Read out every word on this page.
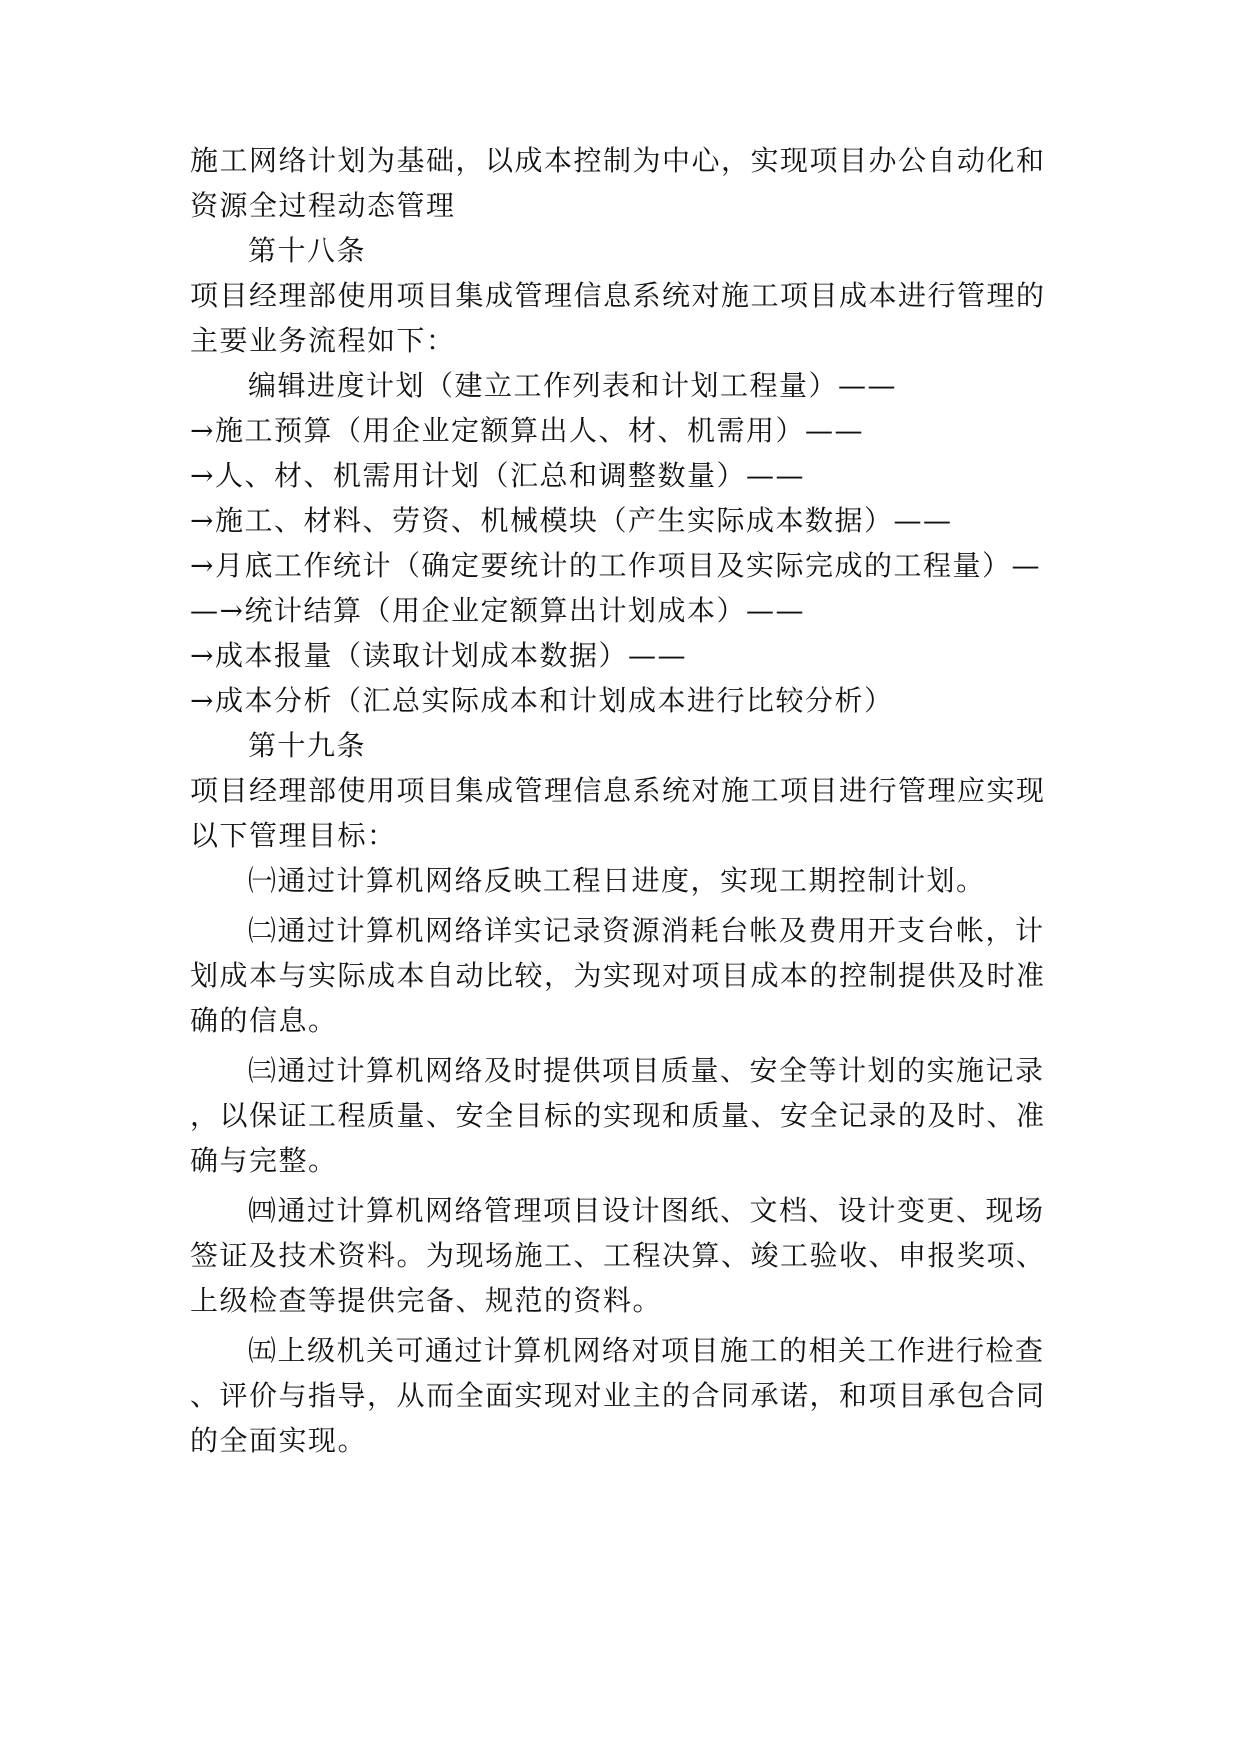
施工网络计划为基础，以成本控制为中心，实现项目办公自动化和
资源全过程动态管理
第十八条
项目经理部使用项目集成管理信息系统对施工项目成本进行管理的
主要业务流程如下：
编辑进度计划（建立工作列表和计划工程量）——
→施工预算（用企业定额算出人、材、机需用）——
→人、材、机需用计划（汇总和调整数量）——
→施工、材料、劳资、机械模块（产生实际成本数据）——
→月底工作统计（确定要统计的工作项目及实际完成的工程量）—
—→统计结算（用企业定额算出计划成本）——
→成本报量（读取计划成本数据）——
→成本分析（汇总实际成本和计划成本进行比较分析）
第十九条
项目经理部使用项目集成管理信息系统对施工项目进行管理应实现
以下管理目标：
㈠通过计算机网络反映工程日进度，实现工期控制计划。
㈡通过计算机网络详实记录资源消耗台帐及费用开支台帐，计
划成本与实际成本自动比较，为实现对项目成本的控制提供及时准
确的信息。
㈢通过计算机网络及时提供项目质量、安全等计划的实施记录
，以保证工程质量、安全目标的实现和质量、安全记录的及时、准
确与完整。
㈣通过计算机网络管理项目设计图纸、文档、设计变更、现场
签证及技术资料。为现场施工、工程决算、竣工验收、申报奖项、
上级检查等提供完备、规范的资料。
㈤上级机关可通过计算机网络对项目施工的相关工作进行检查
、评价与指导，从而全面实现对业主的合同承诺，和项目承包合同
的全面实现。
